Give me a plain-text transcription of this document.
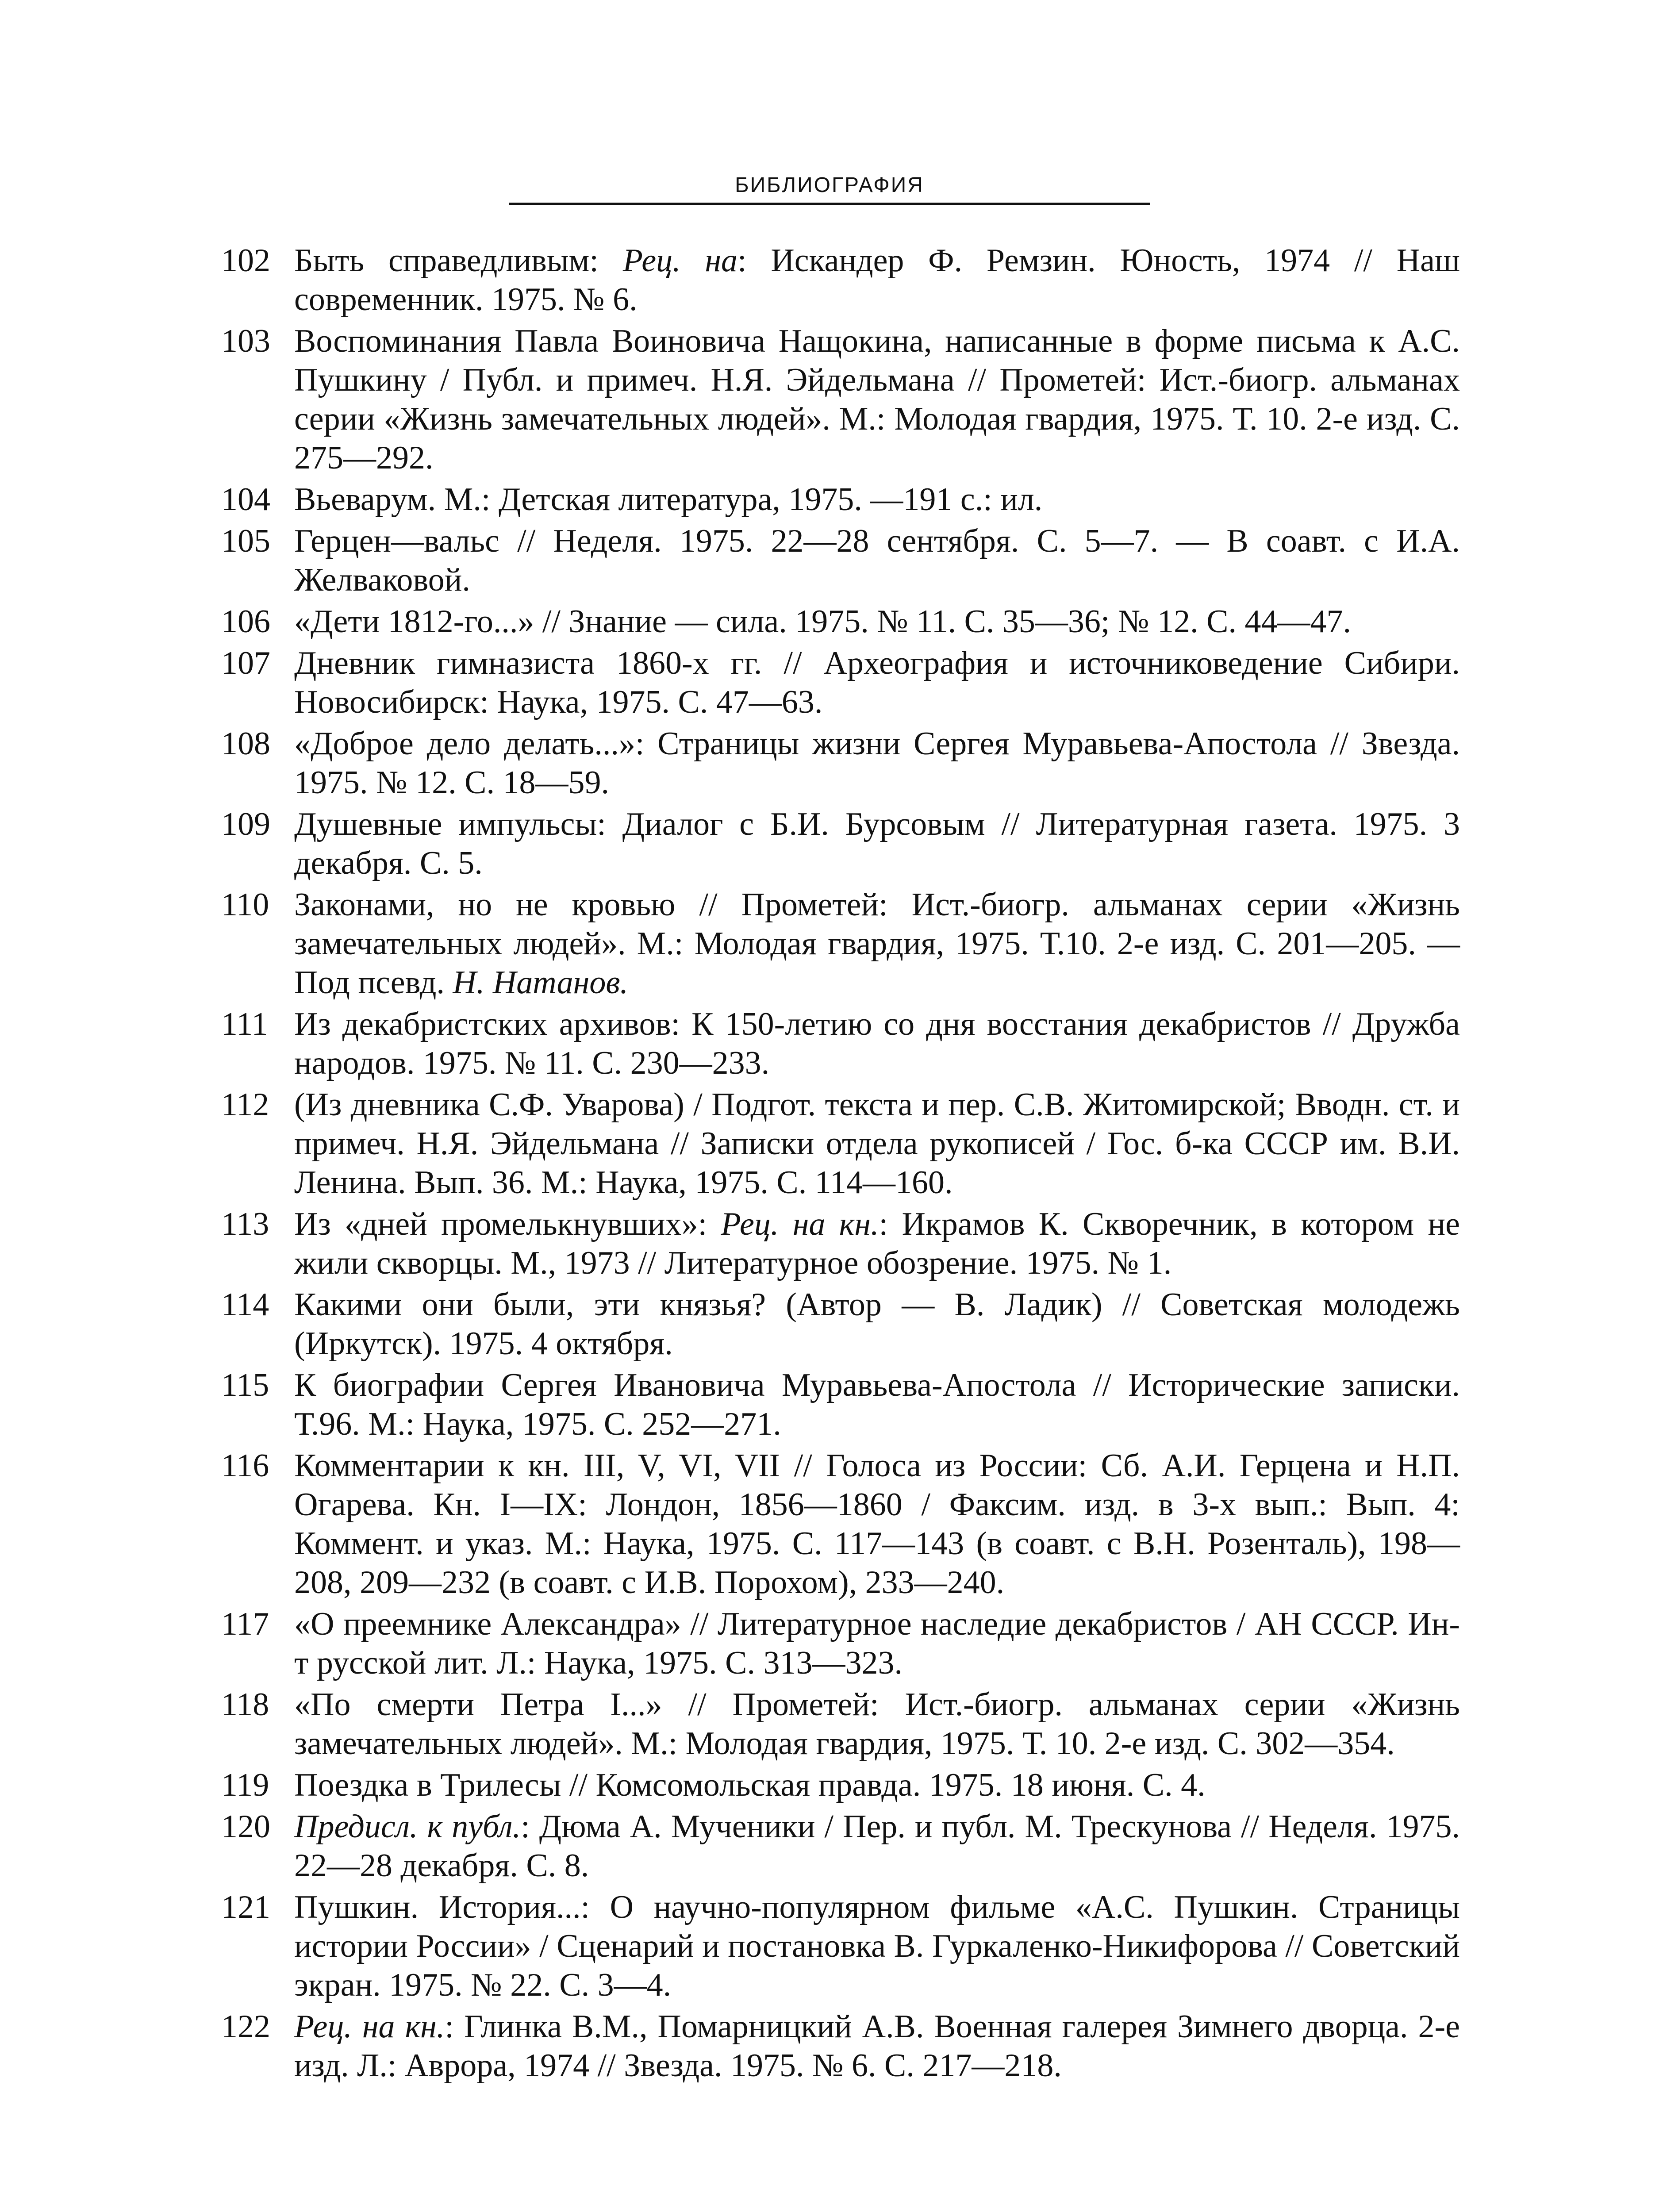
БИБЛИОГРАФИЯ
102 Быть справедливым: Рец. на: Искандер Ф. Ремзин. Юность, 1974 // Наш современник. 1975. № 6.
103 Воспоминания Павла Воиновича Нащокина, написанные в форме письма к А.С. Пушкину / Публ. и примеч. Н.Я. Эйдельмана // Прометей: Ист.-биогр. альманах серии «Жизнь замечательных людей». М.: Молодая гвардия, 1975. Т. 10. 2-е изд. С. 275—292.
104 Вьеварум. М.: Детская литература, 1975. —191 с.: ил.
105 Герцен—вальс // Неделя. 1975. 22—28 сентября. С. 5—7. — В соавт. с И.А. Желваковой.
106 «Дети 1812-го...» // Знание — сила. 1975. № 11. С. 35—36; № 12. С. 44—47.
107 Дневник гимназиста 1860-х гг. // Археография и источниковедение Сибири. Новосибирск: Наука, 1975. С. 47—63.
108 «Доброе дело делать...»: Страницы жизни Сергея Муравьева-Апостола // Звезда. 1975. № 12. С. 18—59.
109 Душевные импульсы: Диалог с Б.И. Бурсовым // Литературная газета. 1975. 3 декабря. С. 5.
110 Законами, но не кровью // Прометей: Ист.-биогр. альманах серии «Жизнь замечательных людей». М.: Молодая гвардия, 1975. Т.10. 2-е изд. С. 201—205. — Под псевд. Н. Натанов.
111 Из декабристских архивов: К 150-летию со дня восстания декабристов // Дружба народов. 1975. № 11. С. 230—233.
112 (Из дневника С.Ф. Уварова) / Подгот. текста и пер. С.В. Житомирской; Вводн. ст. и примеч. Н.Я. Эйдельмана // Записки отдела рукописей / Гос. б-ка СССР им. В.И. Ленина. Вып. 36. М.: Наука, 1975. С. 114—160.
113 Из «дней промелькнувших»: Рец. на кн.: Икрамов К. Скворечник, в котором не жили скворцы. М., 1973 // Литературное обозрение. 1975. № 1.
114 Какими они были, эти князья? (Автор — В. Ладик) // Советская молодежь (Иркутск). 1975. 4 октября.
115 К биографии Сергея Ивановича Муравьева-Апостола // Исторические записки. Т.96. М.: Наука, 1975. С. 252—271.
116 Комментарии к кн. III, V, VI, VII // Голоса из России: Сб. А.И. Герцена и Н.П. Огарева. Кн. I—IX: Лондон, 1856—1860 / Факсим. изд. в 3-х вып.: Вып. 4: Коммент. и указ. М.: Наука, 1975. С. 117—143 (в соавт. с В.Н. Розенталь), 198—208, 209—232 (в соавт. с И.В. Порохом), 233—240.
117 «О преемнике Александра» // Литературное наследие декабристов / АН СССР. Ин-т русской лит. Л.: Наука, 1975. С. 313—323.
118 «По смерти Петра I...» // Прометей: Ист.-биогр. альманах серии «Жизнь замечательных людей». М.: Молодая гвардия, 1975. Т. 10. 2-е изд. С. 302—354.
119 Поездка в Трилесы // Комсомольская правда. 1975. 18 июня. С. 4.
120 Предисл. к публ.: Дюма А. Мученики / Пер. и публ. М. Трескунова // Неделя. 1975. 22—28 декабря. С. 8.
121 Пушкин. История...: О научно-популярном фильме «А.С. Пушкин. Страницы истории России» / Сценарий и постановка В. Гуркаленко-Никифорова // Советский экран. 1975. № 22. С. 3—4.
122 Рец. на кн.: Глинка В.М., Помарницкий А.В. Военная галерея Зимнего дворца. 2-е изд. Л.: Аврора, 1974 // Звезда. 1975. № 6. С. 217—218.
